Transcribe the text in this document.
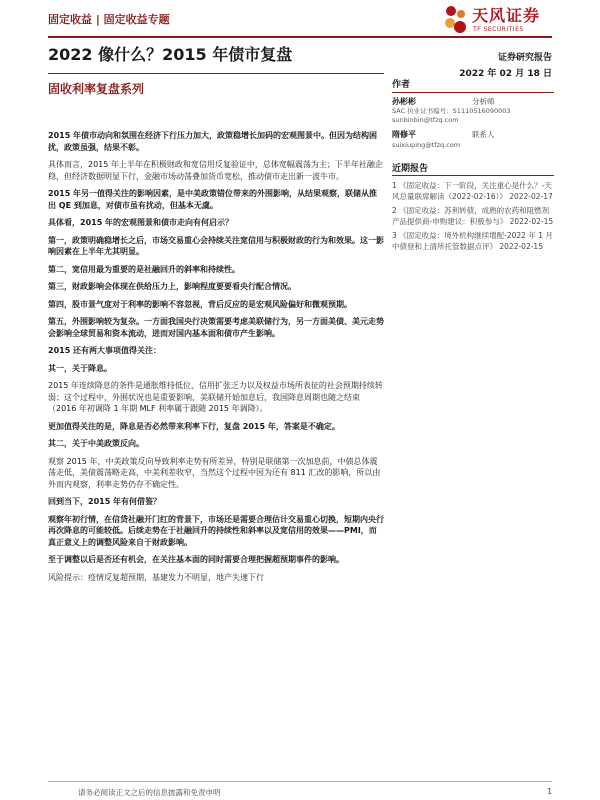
固定收益 | 固定收益专题	天风证券
TF SECURITIES
2022 像什么？2015 年债市复盘	证券研究报告
2022 年 02 月 18 日
固收利率复盘系列

2015 年债市动向和氛围在经济下行压力加大，政策稳增长加码的宏观图景中。但因为结构困扰，政策虽强，结果不彰。

具体而言，2015 年上半年在积极财政和宽信用反复验证中，总体宽幅震荡为主；下半年社融企稳，但经济数据明显下行，金融市场动荡叠加货币宽松，推动债市走出新一波牛市。

2015 年另一值得关注的影响因素，是中美政策错位带来的外围影响，从结果观察，联储从推出 QE 到加息，对债市虽有扰动，但基本无虞。

具体看，2015 年的宏观图景和债市走向有何启示？

第一，政策明确稳增长之后，市场交易重心会持续关注宽信用与积极财政的行为和效果。这一影响因素在上半年尤其明显。

第二，宽信用最为重要的是社融回升的斜率和持续性。

第三，财政影响会体现在供给压力上，影响程度要要看央行配合情况。

第四，股市景气度对于利率的影响不容忽视，背后反应的是宏观风险偏好和微观预期。

第五，外围影响较为复杂。一方面我国央行决策需要考虑美联储行为，另一方面美债、美元走势会影响全球贸易和资本流动，进而对国内基本面和债市产生影响。

2015 还有两大事项值得关注：

其一，关于降息。

2015 年连续降息的条件是通胀维持低位、信用扩张乏力以及权益市场所表征的社会预期持续转弱；这个过程中，外围状况也是重要影响，美联储开始加息后，我国降息周期也随之结束（2016 年初调降 1 年期 MLF 利率属于跟随 2015 年调降）。

更加值得关注的是，降息是否必然带来利率下行，复盘 2015 年，答案是不确定。

其二，关于中美政策反向。

观察 2015 年，中美政策反向导致利率走势有所差异，特别是联储第一次加息前，中债总体震荡走低，美债震荡略走高，中美利差收窄，当然这个过程中因为还有 811 汇改的影响，所以由外而内观察，利率走势仍存不确定性。

回到当下，2015 年有何借鉴？

观察年初行情，在信贷社融开门红的背景下，市场还是需要合理估计交易重心切换，短期内央行再次降息的可能较低。后续走势在于社融回升的持续性和斜率以及宽信用的效果——PMI，而真正意义上的调整风险来自于财政影响。

至于调整以后是否还有机会，在关注基本面的同时需要合理把握超预期事件的影响。

风险提示：疫情反复超预期，基建发力不明显，地产失速下行

作者
孙彬彬	分析师
SAC 执业证书编号：S1110516090003
sunbinbin@tfzq.com
隋修平	联系人
suixiuping@tfzq.com
近期报告
1 《固定收益：下一阶段，关注重心是什么？-天风总量联席解读（2022-02-16）》 2022-02-17
2 《固定收益：苏利转债，成熟的农药和阻燃剂产品提供商-申购建议：积极参与》 2022-02-15
3 《固定收益：境外机构继续增配-2022 年 1 月中债登和上清所托管数据点评》 2022-02-15
请务必阅读正文之后的信息披露和免责申明	1
